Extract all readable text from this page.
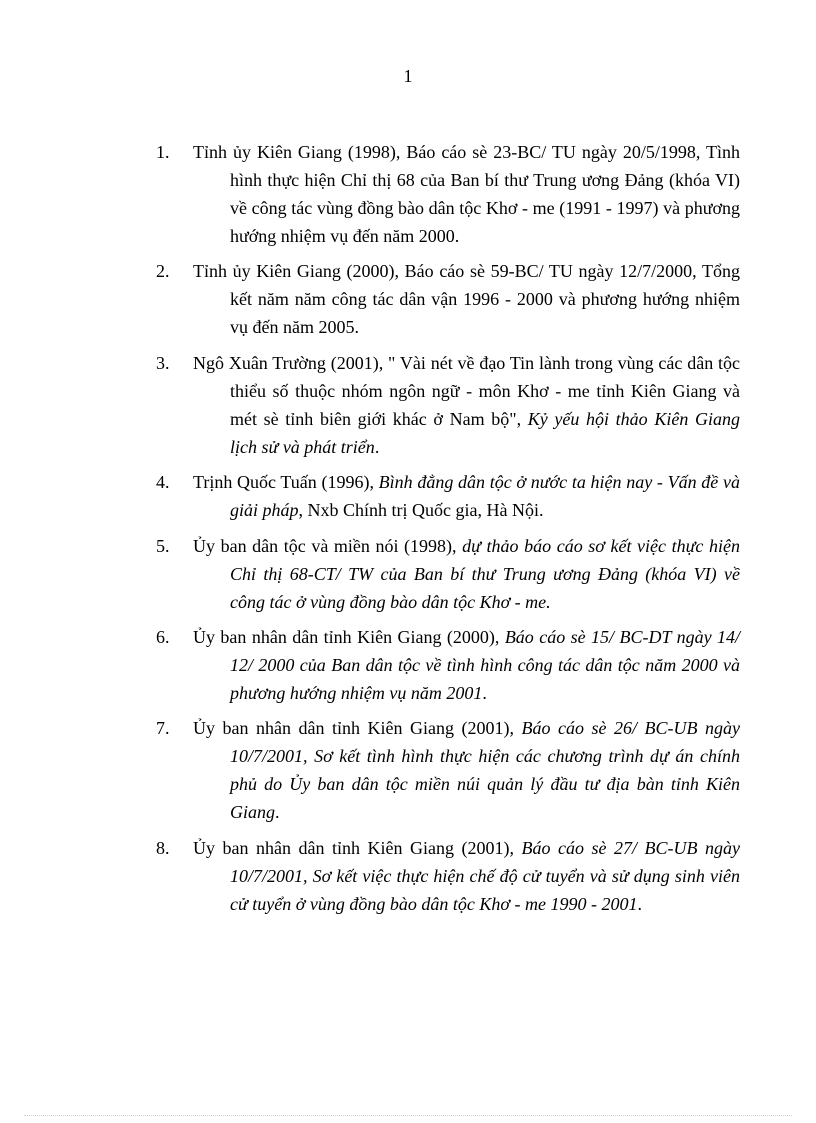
1
1.	Tỉnh ủy Kiên Giang (1998), Báo cáo sè 23-BC/ TU ngày 20/5/1998, Tình hình thực hiện Chỉ thị 68 của Ban bí thư Trung ương Đảng (khóa VI) về công tác vùng đồng bào dân tộc Khơ - me (1991 - 1997) và phương hướng nhiệm vụ đến năm 2000.
2.	Tỉnh ủy Kiên Giang (2000), Báo cáo sè 59-BC/ TU ngày 12/7/2000, Tổng kết năm năm công tác dân vận 1996 - 2000 và phương hướng nhiệm vụ đến năm 2005.
3.	Ngô Xuân Trường (2001), " Vài nét về đạo Tin lành trong vùng các dân tộc thiểu số thuộc nhóm ngôn ngữ - môn Khơ - me tỉnh Kiên Giang và mét sè tỉnh biên giới khác ở Nam bộ", Kỷ yếu hội thảo Kiên Giang lịch sử và phát triển.
4.	Trịnh Quốc Tuấn (1996), Bình đẳng dân tộc ở nước ta hiện nay - Vấn đề và giải pháp, Nxb Chính trị Quốc gia, Hà Nội.
5.	Ủy ban dân tộc và miền nói (1998), dự thảo báo cáo sơ kết việc thực hiện Chỉ thị 68-CT/ TW của Ban bí thư Trung ương Đảng (khóa VI) về công tác ở vùng đồng bào dân tộc Khơ - me.
6.	Ủy ban nhân dân tỉnh Kiên Giang (2000), Báo cáo sè 15/ BC-DT ngày 14/ 12/ 2000 của Ban dân tộc về tình hình công tác dân tộc năm 2000 và phương hướng nhiệm vụ năm 2001.
7.	Ủy ban nhân dân tỉnh Kiên Giang (2001), Báo cáo sè 26/ BC-UB ngày 10/7/2001, Sơ kết tình hình thực hiện các chương trình dự án chính phủ do Ủy ban dân tộc miền núi quản lý đầu tư địa bàn tỉnh Kiên Giang.
8.	Ủy ban nhân dân tỉnh Kiên Giang (2001), Báo cáo sè 27/ BC-UB ngày 10/7/2001, Sơ kết việc thực hiện chế độ cử tuyển và sử dụng sinh viên cử tuyển ở vùng đồng bào dân tộc Khơ - me 1990 - 2001.
